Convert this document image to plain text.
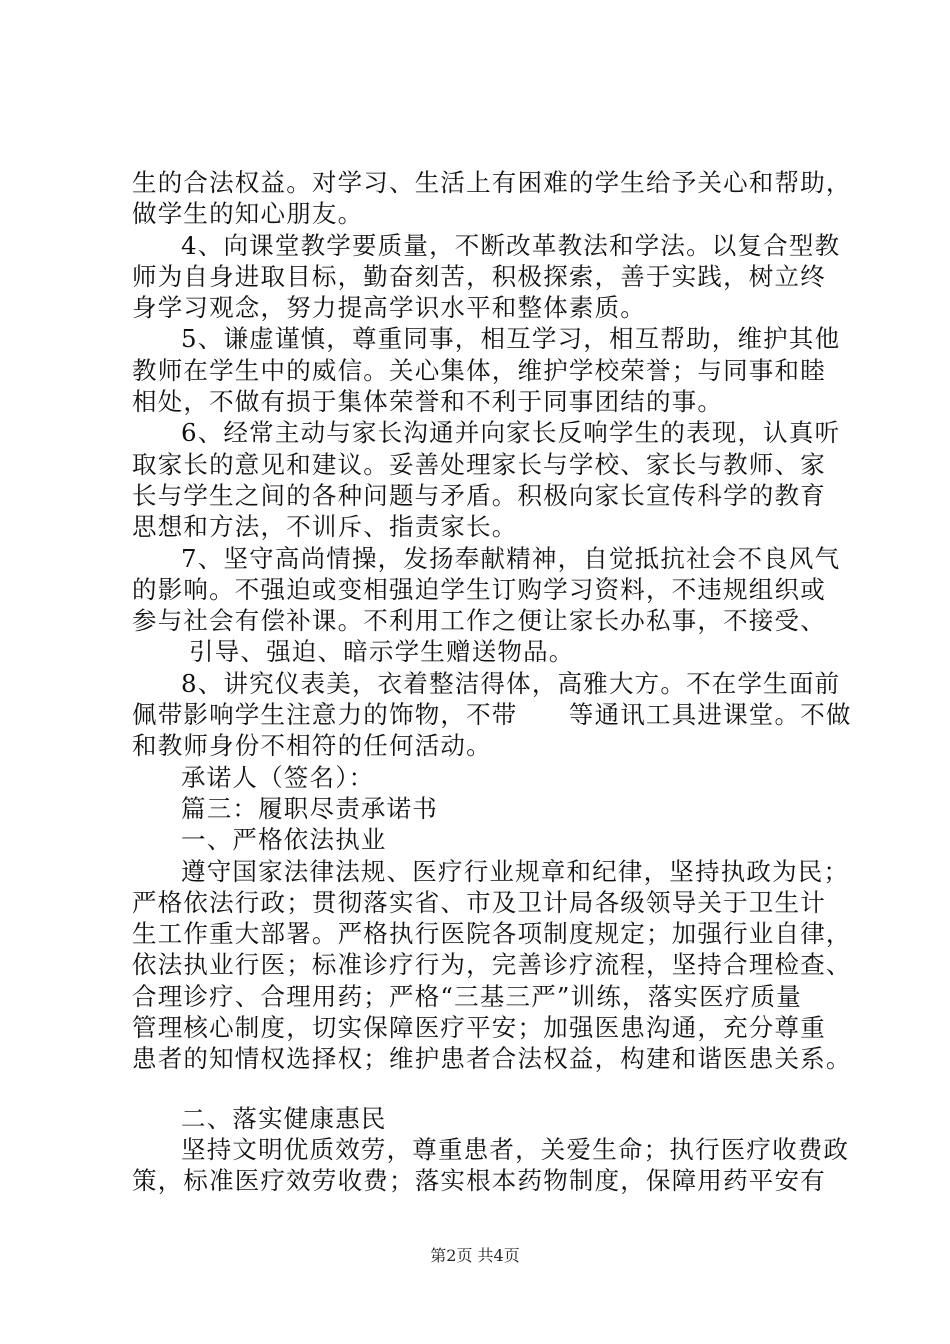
生的合法权益。对学习、生活上有困难的学生给予关心和帮助，
做学生的知心朋友。
4、向课堂教学要质量，不断改革教法和学法。以复合型教
师为自身进取目标，勤奋刻苦，积极探索，善于实践，树立终
身学习观念，努力提高学识水平和整体素质。
5、谦虚谨慎，尊重同事，相互学习，相互帮助，维护其他
教师在学生中的威信。关心集体，维护学校荣誉；与同事和睦
相处，不做有损于集体荣誉和不利于同事团结的事。
6、经常主动与家长沟通并向家长反响学生的表现，认真听
取家长的意见和建议。妥善处理家长与学校、家长与教师、家
长与学生之间的各种问题与矛盾。积极向家长宣传科学的教育
思想和方法，不训斥、指责家长。
7、坚守高尚情操，发扬奉献精神，自觉抵抗社会不良风气
的影响。不强迫或变相强迫学生订购学习资料，不违规组织或
参与社会有偿补课。不利用工作之便让家长办私事，不接受、
引导、强迫、暗示学生赠送物品。
8、讲究仪表美，衣着整洁得体，高雅大方。不在学生面前
佩带影响学生注意力的饰物，不带　　等通讯工具进课堂。不做
和教师身份不相符的任何活动。
承诺人（签名）：
篇三：履职尽责承诺书
一、严格依法执业
遵守国家法律法规、医疗行业规章和纪律，坚持执政为民；
严格依法行政；贯彻落实省、市及卫计局各级领导关于卫生计
生工作重大部署。严格执行医院各项制度规定；加强行业自律，
依法执业行医；标准诊疗行为，完善诊疗流程，坚持合理检查、
合理诊疗、合理用药；严格“三基三严”训练，落实医疗质量
管理核心制度，切实保障医疗平安；加强医患沟通，充分尊重
患者的知情权选择权；维护患者合法权益，构建和谐医患关系。
二、落实健康惠民
坚持文明优质效劳，尊重患者，关爱生命；执行医疗收费政
策，标准医疗效劳收费；落实根本药物制度，保障用药平安有
第2页 共4页
